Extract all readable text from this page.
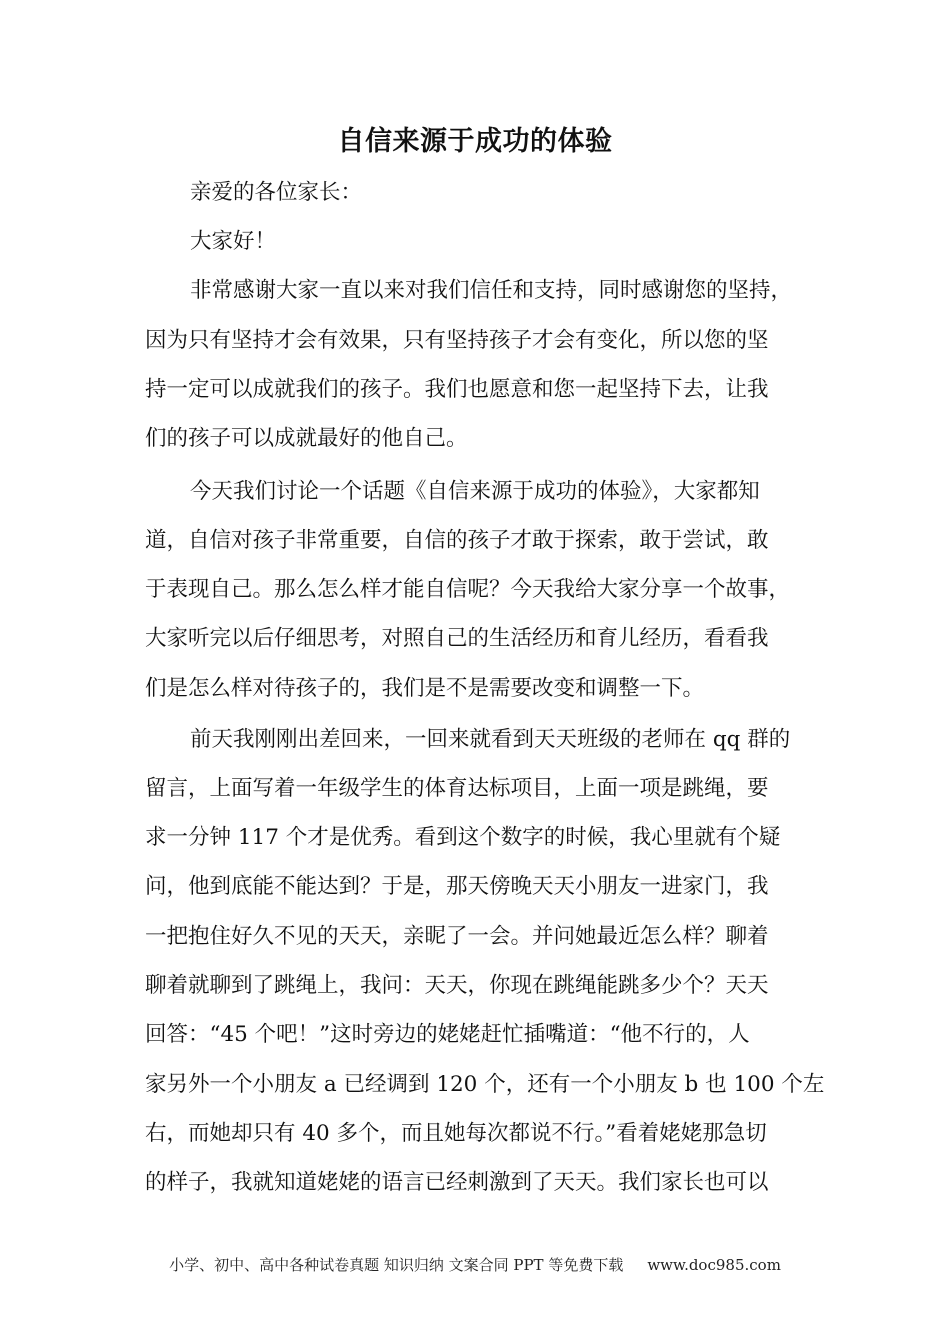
自信来源于成功的体验
亲爱的各位家长：
大家好！
非常感谢大家一直以来对我们信任和支持，同时感谢您的坚持，
因为只有坚持才会有效果，只有坚持孩子才会有变化，所以您的坚
持一定可以成就我们的孩子。我们也愿意和您一起坚持下去，让我
们的孩子可以成就最好的他自己。
今天我们讨论一个话题《自信来源于成功的体验》，大家都知
道，自信对孩子非常重要，自信的孩子才敢于探索，敢于尝试，敢
于表现自己。那么怎么样才能自信呢？今天我给大家分享一个故事，
大家听完以后仔细思考，对照自己的生活经历和育儿经历，看看我
们是怎么样对待孩子的，我们是不是需要改变和调整一下。
前天我刚刚出差回来，一回来就看到天天班级的老师在 qq 群的
留言，上面写着一年级学生的体育达标项目，上面一项是跳绳，要
求一分钟 117 个才是优秀。看到这个数字的时候，我心里就有个疑
问，他到底能不能达到？于是，那天傍晚天天小朋友一进家门，我
一把抱住好久不见的天天，亲昵了一会。并问她最近怎么样？聊着
聊着就聊到了跳绳上，我问：天天，你现在跳绳能跳多少个？天天
回答：“45 个吧！”这时旁边的姥姥赶忙插嘴道：“他不行的，人
家另外一个小朋友 a 已经调到 120 个，还有一个小朋友 b 也 100 个左
右，而她却只有 40 多个，而且她每次都说不行。”看着姥姥那急切
的样子，我就知道姥姥的语言已经刺激到了天天。我们家长也可以
小学、初中、高中各种试卷真题 知识归纳 文案合同 PPT 等免费下载 www.doc985.com
